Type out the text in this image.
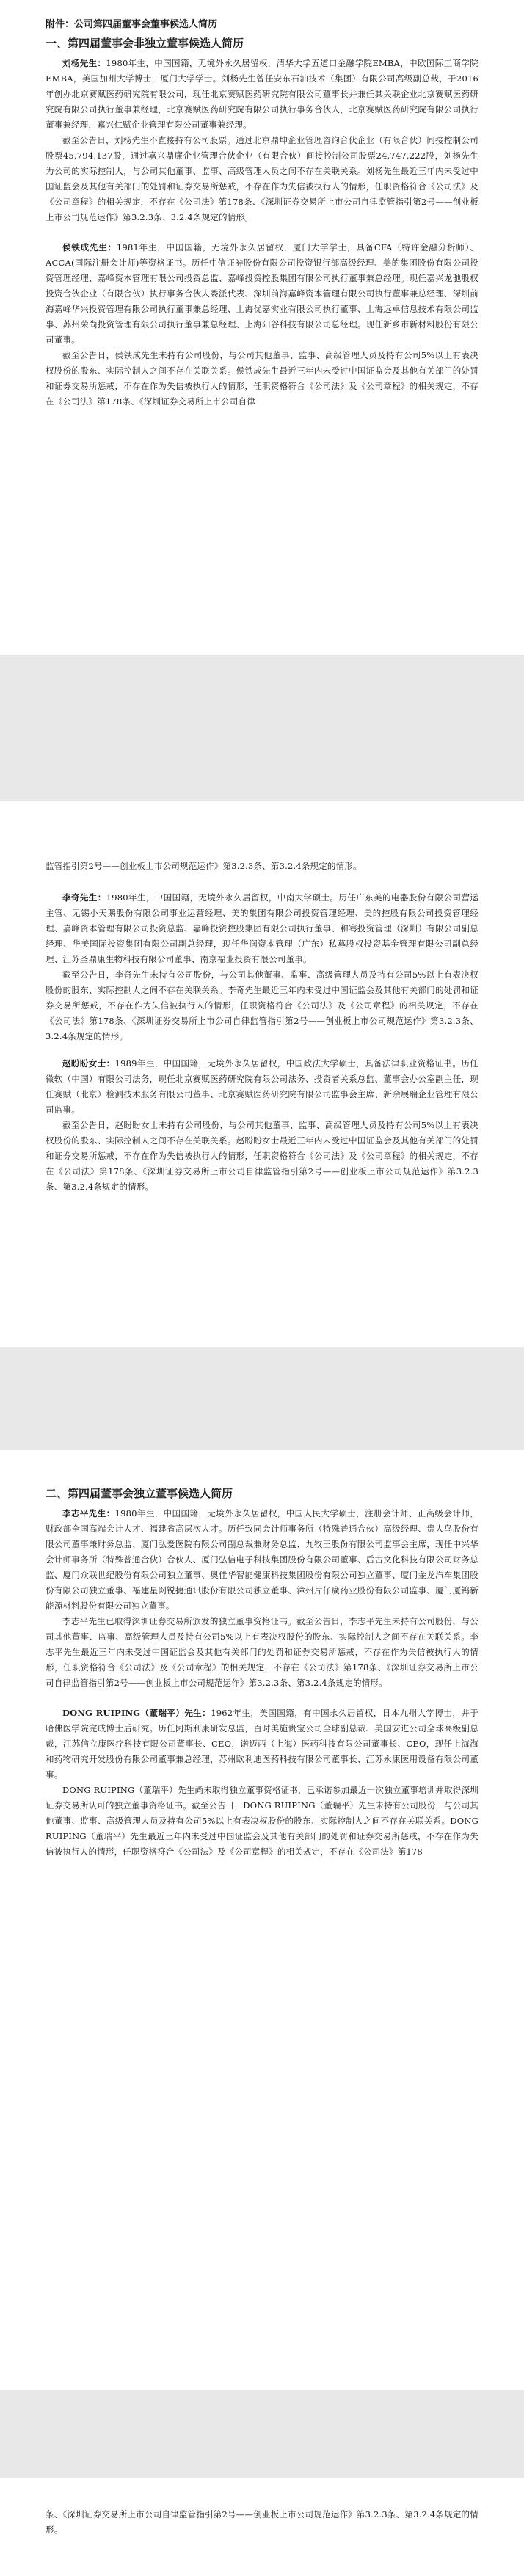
附件：公司第四届董事会董事候选人简历
一、第四届董事会非独立董事候选人简历

刘杨先生：1980年生，中国国籍，无境外永久居留权，清华大学五道口金融学院EMBA，中欧国际工商学院EMBA，美国加州大学博士，厦门大学学士。刘杨先生曾任安东石油技术（集团）有限公司高级副总裁，于2016年创办北京赛赋医药研究院有限公司，现任北京赛赋医药研究院有限公司董事长并兼任其关联企业北京赛赋医药研究院有限公司执行董事兼经理，北京赛赋医药研究院有限公司执行事务合伙人，北京赛赋医药研究院有限公司执行董事兼经理，嘉兴仁赋企业管理有限公司董事兼经理。

截至公告日，刘杨先生不直接持有公司股票。通过北京鼎坤企业管理咨询合伙企业（有限合伙）间接控制公司股票45,794,137股，通过嘉兴鼎廉企业管理合伙企业（有限合伙）间接控制公司股票24,747,222股，刘杨先生为公司的实际控制人，与公司其他董事、监事、高级管理人员之间不存在关联关系。刘杨先生最近三年内未受过中国证监会及其他有关部门的处罚和证券交易所惩戒，不存在作为失信被执行人的情形，任职资格符合《公司法》及《公司章程》的相关规定，不存在《公司法》第178条、《深圳证券交易所上市公司自律监管指引第2号——创业板上市公司规范运作》第3.2.3条、3.2.4条规定的情形。

侯铁成先生：1981年生，中国国籍，无境外永久居留权，厦门大学学士，具备CFA（特许金融分析师）、ACCA(国际注册会计师)等资格证书。历任中信证券股份有限公司投资银行部高级经理、美的集团股份有限公司投资管理经理、嘉峰资本管理有限公司投资总监、嘉峰投资控股集团有限公司执行董事兼总经理。现任嘉兴龙驰股权投资合伙企业（有限合伙）执行事务合伙人委派代表、深圳前海嘉峰资本管理有限公司执行董事兼总经理、深圳前海嘉峰华兴投资管理有限公司执行董事兼总经理、上海优嘉实业有限公司执行董事、上海远卓信息技术有限公司监事、苏州荣尚投资管理有限公司执行董事兼总经理、上海阳谷科技有限公司总经理。现任新乡市新材料股份有限公司董事。

截至公告日，侯铁成先生未持有公司股份，与公司其他董事、监事、高级管理人员及持有公司5%以上有表决权股份的股东、实际控制人之间不存在关联关系。侯铁成先生最近三年内未受过中国证监会及其他有关部门的处罚和证券交易所惩戒，不存在作为失信被执行人的情形，任职资格符合《公司法》及《公司章程》的相关规定，不存在《公司法》第178条、《深圳证券交易所上市公司自律

监管指引第2号——创业板上市公司规范运作》第3.2.3条、第3.2.4条规定的情形。

李奇先生：1980年生，中国国籍，无境外永久居留权，中南大学硕士。历任广东美的电器股份有限公司营运主管、无锡小天鹅股份有限公司事业运营经理、美的集团有限公司投资管理经理、美的控股有限公司投资管理经理、嘉峰资本管理有限公司投资总监、嘉峰投资控股集团有限公司执行董事、和骞投资管理（深圳）有限公司副总经理、华美国际投资集团有限公司副总经理，现任华润资本管理（广东）私募股权投资基金管理有限公司副总经理、江苏圣鼎康生物科技有限公司董事、南京福业投资有限公司董事。

截至公告日，李奇先生未持有公司股份，与公司其他董事、监事、高级管理人员及持有公司5%以上有表决权股份的股东、实际控制人之间不存在关联关系。李奇先生最近三年内未受过中国证监会及其他有关部门的处罚和证券交易所惩戒，不存在作为失信被执行人的情形，任职资格符合《公司法》及《公司章程》的相关规定，不存在《公司法》第178条、《深圳证券交易所上市公司自律监管指引第2号——创业板上市公司规范运作》第3.2.3条、3.2.4条规定的情形。

赵盼盼女士：1989年生，中国国籍，无境外永久居留权，中国政法大学硕士，具备法律职业资格证书。历任微软（中国）有限公司法务，现任北京赛赋医药研究院有限公司法务、投资者关系总监、董事会办公室副主任，现任赛赋（北京）检测技术服务有限公司董事、北京赛赋医药研究院有限公司监事会主席、新余展瑞企业管理有限公司监事。

截至公告日，赵盼盼女士未持有公司股份，与公司其他董事、监事、高级管理人员及持有公司5%以上有表决权股份的股东、实际控制人之间不存在关联关系。赵盼盼女士最近三年内未受过中国证监会及其他有关部门的处罚和证券交易所惩戒，不存在作为失信被执行人的情形，任职资格符合《公司法》及《公司章程》的相关规定，不存在《公司法》第178条、《深圳证券交易所上市公司自律监管指引第2号——创业板上市公司规范运作》第3.2.3条、第3.2.4条规定的情形。

二、第四届董事会独立董事候选人简历

李志平先生：1980年生，中国国籍，无境外永久居留权，中国人民大学硕士，注册会计师、正高级会计师，财政部全国高端会计人才、福建省高层次人才。历任致同会计师事务所（特殊普通合伙）高级经理、贵人鸟股份有限公司董事兼财务总监、厦门弘爱医院有限公司副总裁兼财务总监、九牧王股份有限公司监事会主席，现任中兴华会计师事务所（特殊普通合伙）合伙人、厦门弘信电子科技集团股份有限公司董事、后古文化科技有限公司财务总监、厦门众联世纪股份有限公司独立董事、奥佳华智能健康科技集团股份有限公司独立董事、厦门金龙汽车集团股份有限公司独立董事、福建星网锐捷通讯股份有限公司独立董事、漳州片仔癀药业股份有限公司监事、厦门厦钨新能源材料股份有限公司独立董事。

李志平先生已取得深圳证券交易所颁发的独立董事资格证书。截至公告日，李志平先生未持有公司股份，与公司其他董事、监事、高级管理人员及持有公司5%以上有表决权股份的股东、实际控制人之间不存在关联关系。李志平先生最近三年内未受过中国证监会及其他有关部门的处罚和证券交易所惩戒，不存在作为失信被执行人的情形，任职资格符合《公司法》及《公司章程》的相关规定，不存在《公司法》第178条、《深圳证券交易所上市公司自律监管指引第2号——创业板上市公司规范运作》第3.2.3条、第3.2.4条规定的情形。

DONG RUIPING（董瑞平）先生：1962年生，美国国籍，有中国永久居留权，日本九州大学博士，并于哈佛医学院完成博士后研究。历任阿斯利康研发总监，百时美施贵宝公司全球副总裁、美国安进公司全球高级副总裁，江苏信立康医疗科技有限公司董事长、CEO，诺迈西（上海）医药科技有限公司董事长、CEO，现任上海海和药物研究开发股份有限公司董事兼总经理，苏州欧利迪医药科技有限公司董事长、江苏永康医用设备有限公司董事。

DONG RUIPING（董瑞平）先生尚未取得独立董事资格证书，已承诺参加最近一次独立董事培训并取得深圳证券交易所认可的独立董事资格证书。截至公告日，DONG RUIPING（董瑞平）先生未持有公司股份，与公司其他董事、监事、高级管理人员及持有公司5%以上有表决权股份的股东、实际控制人之间不存在关联关系。DONG RUIPING（董瑞平）先生最近三年内未受过中国证监会及其他有关部门的处罚和证券交易所惩戒，不存在作为失信被执行人的情形，任职资格符合《公司法》及《公司章程》的相关规定，不存在《公司法》第178

条、《深圳证券交易所上市公司自律监管指引第2号——创业板上市公司规范运作》第3.2.3条、第3.2.4条规定的情形。
